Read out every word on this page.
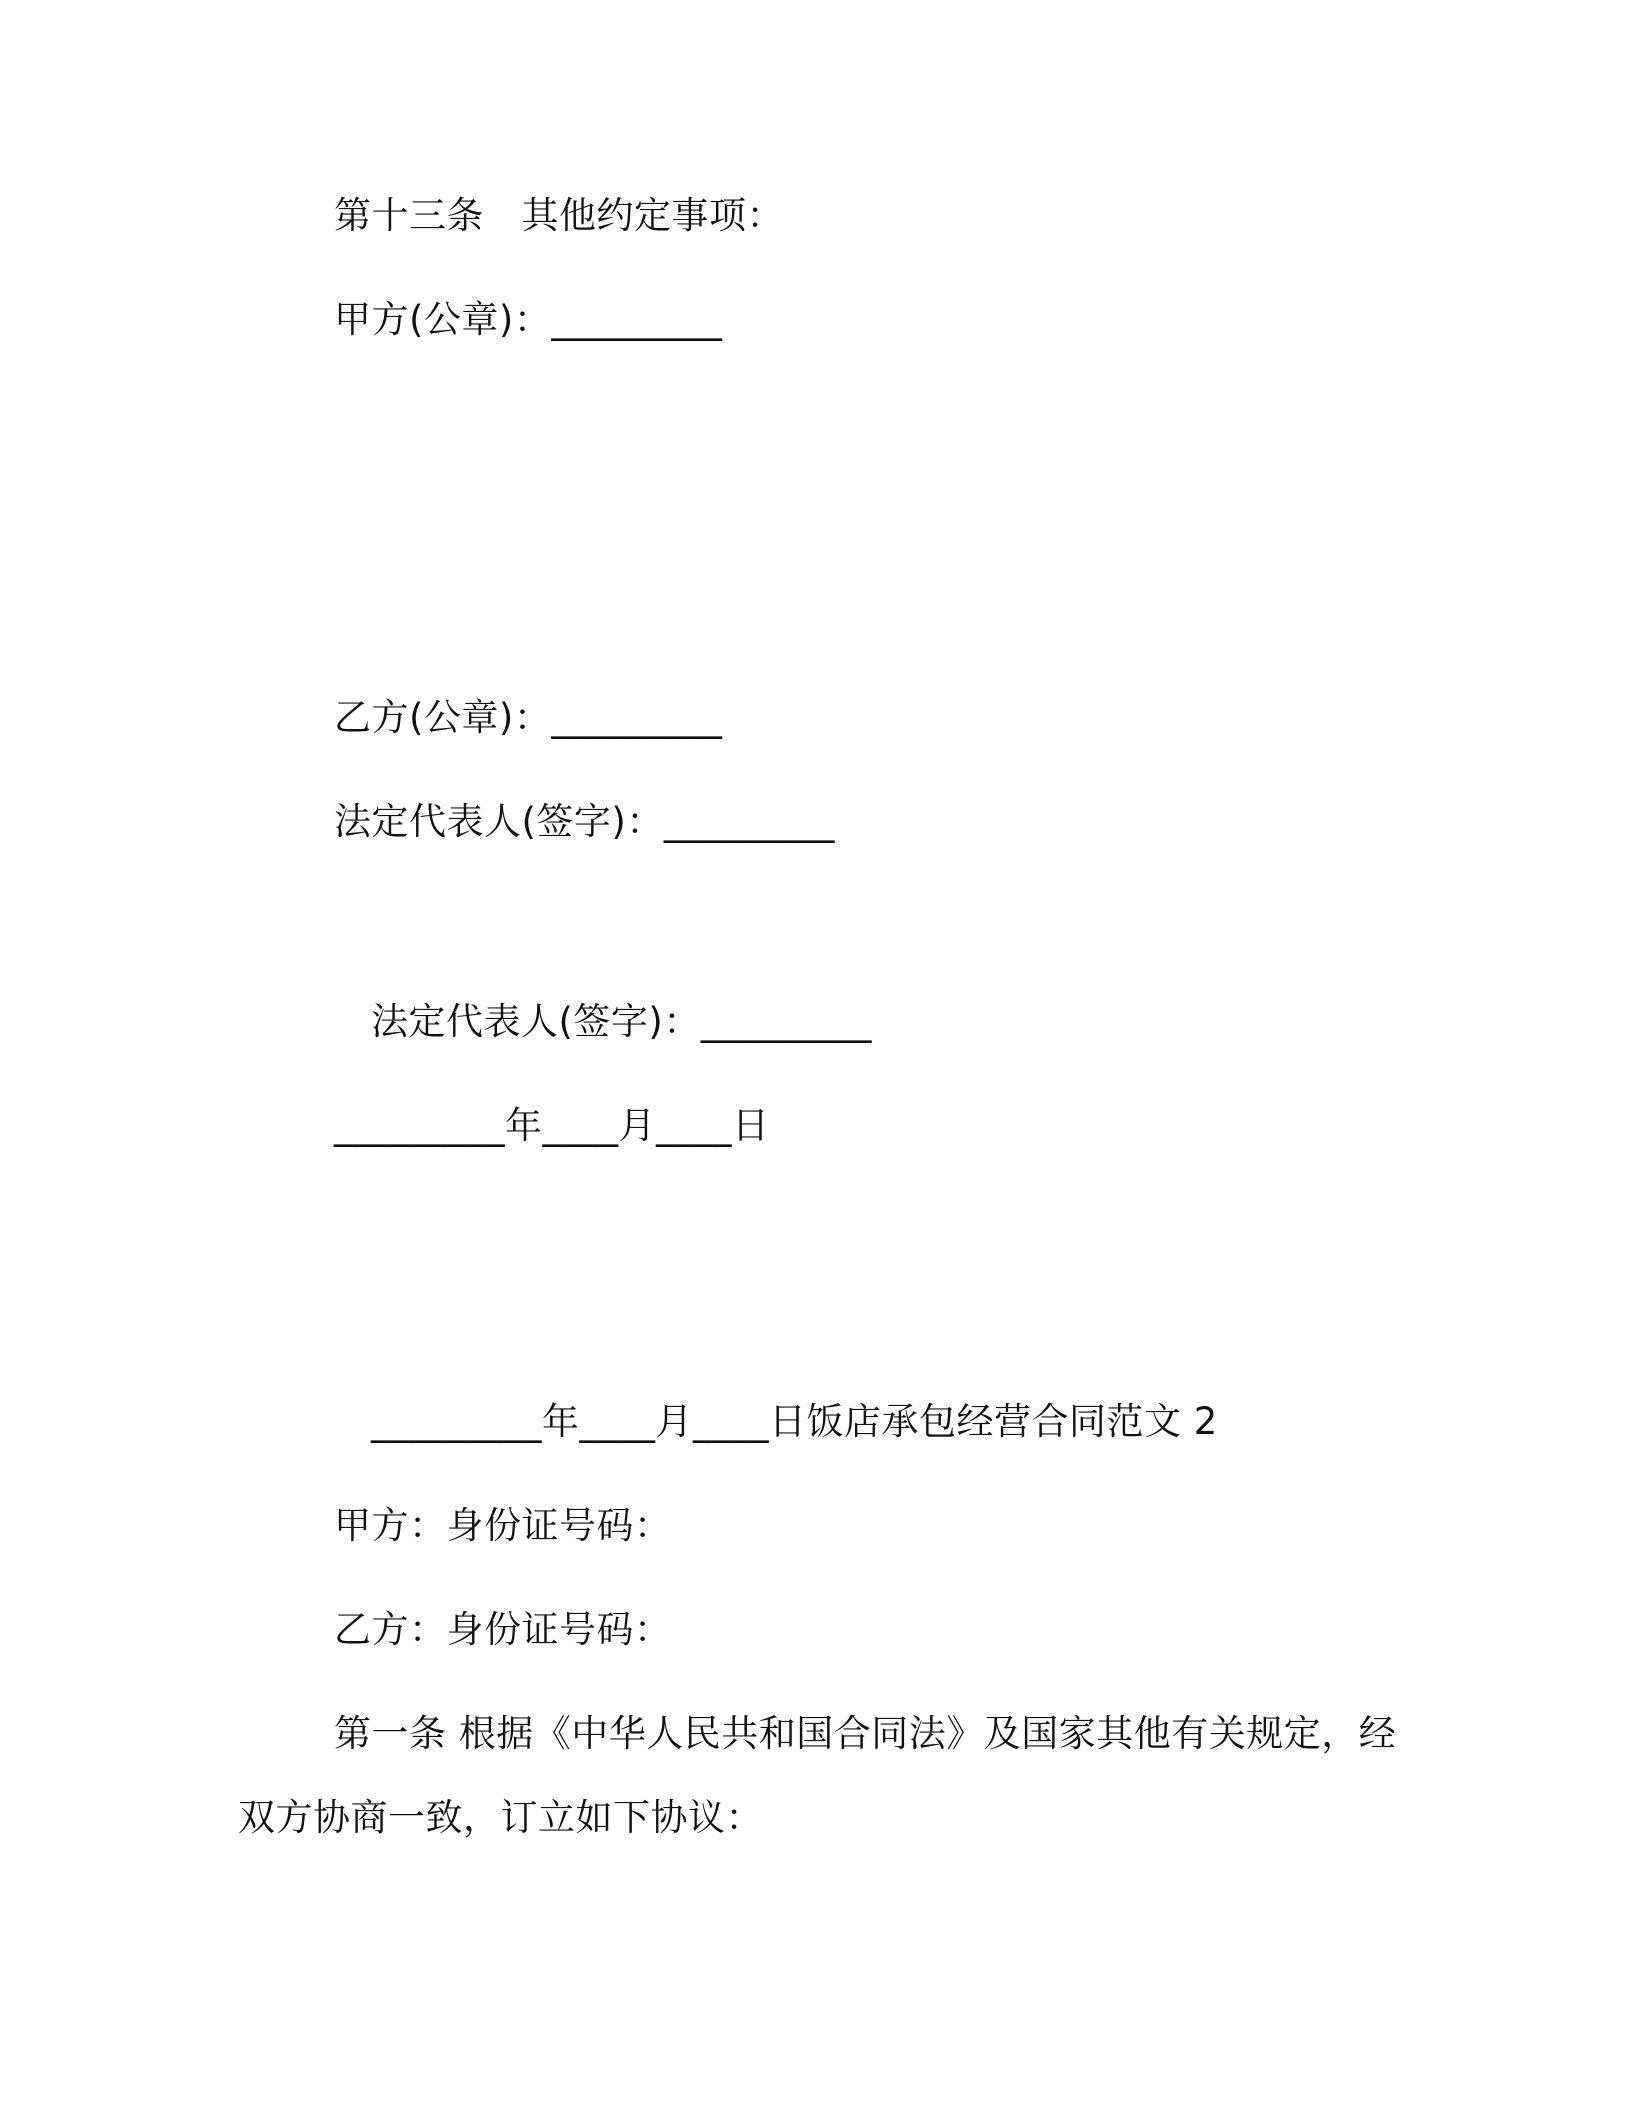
第十三条　其他约定事项：
甲方(公章)：_________
乙方(公章)：_________
法定代表人(签字)：_________
法定代表人(签字)：_________
_________年____月____日
_________年____月____日饭店承包经营合同范文 2
甲方：身份证号码：
乙方：身份证号码：
第一条 根据《中华人民共和国合同法》及国家其他有关规定，经
双方协商一致，订立如下协议：
